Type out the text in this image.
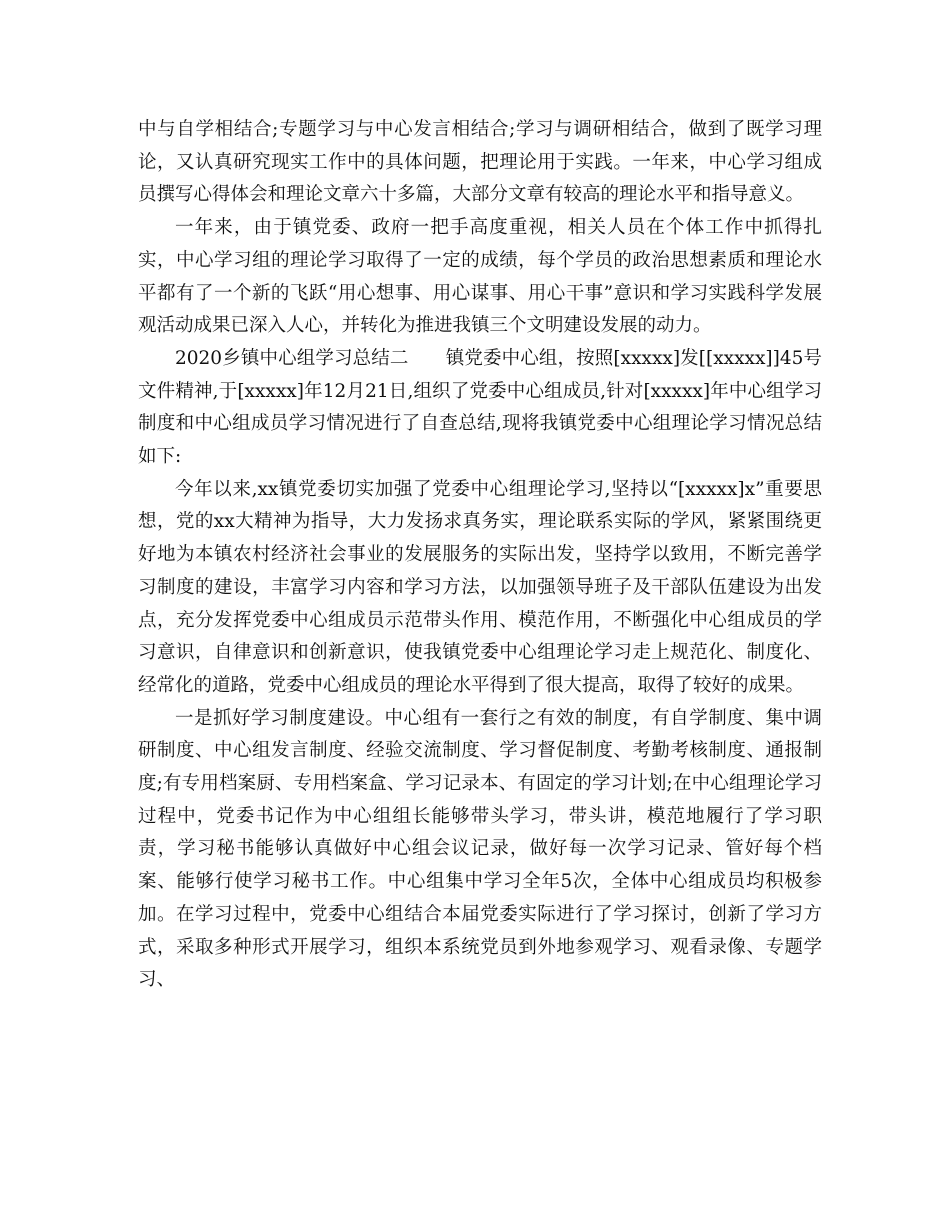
中与自学相结合;专题学习与中心发言相结合;学习与调研相结合，做到了既学习理论，又认真研究现实工作中的具体问题，把理论用于实践。一年来，中心学习组成员撰写心得体会和理论文章六十多篇，大部分文章有较高的理论水平和指导意义。

一年来，由于镇党委、政府一把手高度重视，相关人员在个体工作中抓得扎实，中心学习组的理论学习取得了一定的成绩，每个学员的政治思想素质和理论水平都有了一个新的飞跃“用心想事、用心谋事、用心干事”意识和学习实践科学发展观活动成果已深入人心，并转化为推进我镇三个文明建设发展的动力。

2020乡镇中心组学习总结二　　镇党委中心组，按照[xxxxx]发[[xxxxx]]45号文件精神,于[xxxxx]年12月21日,组织了党委中心组成员,针对[xxxxx]年中心组学习制度和中心组成员学习情况进行了自查总结,现将我镇党委中心组理论学习情况总结如下:

今年以来,xx镇党委切实加强了党委中心组理论学习,坚持以“[xxxxx]x”重要思想，党的xx大精神为指导，大力发扬求真务实，理论联系实际的学风，紧紧围绕更好地为本镇农村经济社会事业的发展服务的实际出发，坚持学以致用，不断完善学习制度的建设，丰富学习内容和学习方法，以加强领导班子及干部队伍建设为出发点，充分发挥党委中心组成员示范带头作用、模范作用，不断强化中心组成员的学习意识，自律意识和创新意识，使我镇党委中心组理论学习走上规范化、制度化、经常化的道路，党委中心组成员的理论水平得到了很大提高，取得了较好的成果。

一是抓好学习制度建设。中心组有一套行之有效的制度，有自学制度、集中调研制度、中心组发言制度、经验交流制度、学习督促制度、考勤考核制度、通报制度;有专用档案厨、专用档案盒、学习记录本、有固定的学习计划;在中心组理论学习过程中，党委书记作为中心组组长能够带头学习，带头讲，模范地履行了学习职责，学习秘书能够认真做好中心组会议记录，做好每一次学习记录、管好每个档案、能够行使学习秘书工作。中心组集中学习全年5次，全体中心组成员均积极参加。在学习过程中，党委中心组结合本届党委实际进行了学习探讨，创新了学习方式，采取多种形式开展学习，组织本系统党员到外地参观学习、观看录像、专题学习、
